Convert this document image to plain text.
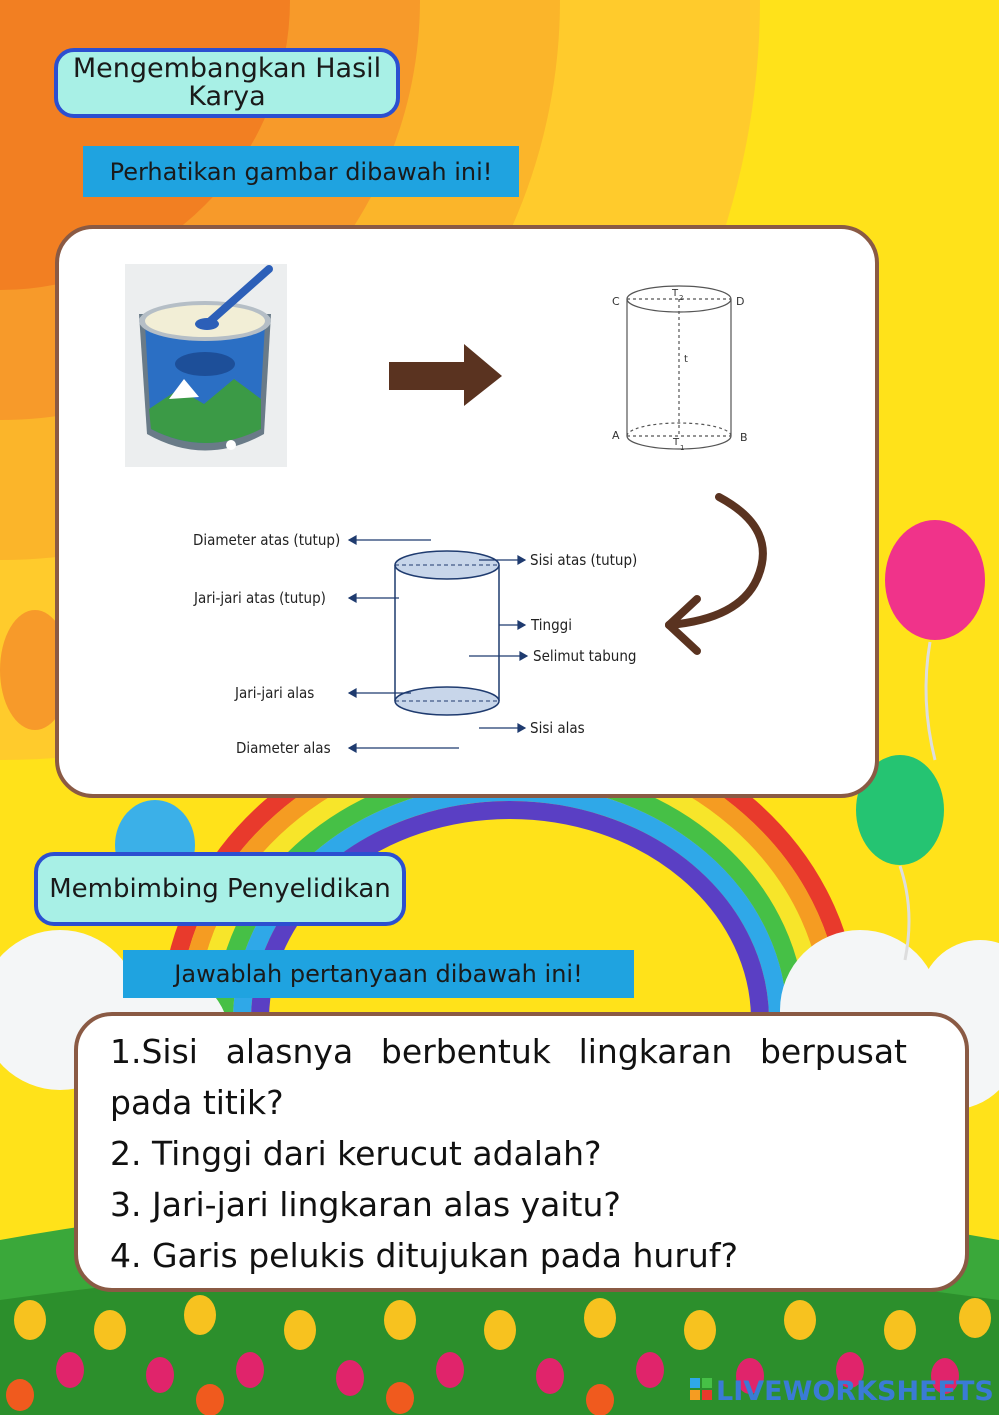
Mengembangkan Hasil Karya
Perhatikan gambar dibawah ini!
C	D
A	B
T 2
T 1
t
Diameter atas (tutup)
Jari-jari atas (tutup)
Jari-jari alas
Diameter alas
Sisi atas (tutup)
Tinggi
Selimut tabung
Sisi alas
Membimbing Penyelidikan
Jawablah pertanyaan dibawah ini!

1.Sisi alasnya berbentuk lingkaran berpusat pada titik?

2. Tinggi dari kerucut adalah?

3. Jari-jari lingkaran alas yaitu?

4. Garis pelukis ditujukan pada huruf?

LIVEWORKSHEETS
